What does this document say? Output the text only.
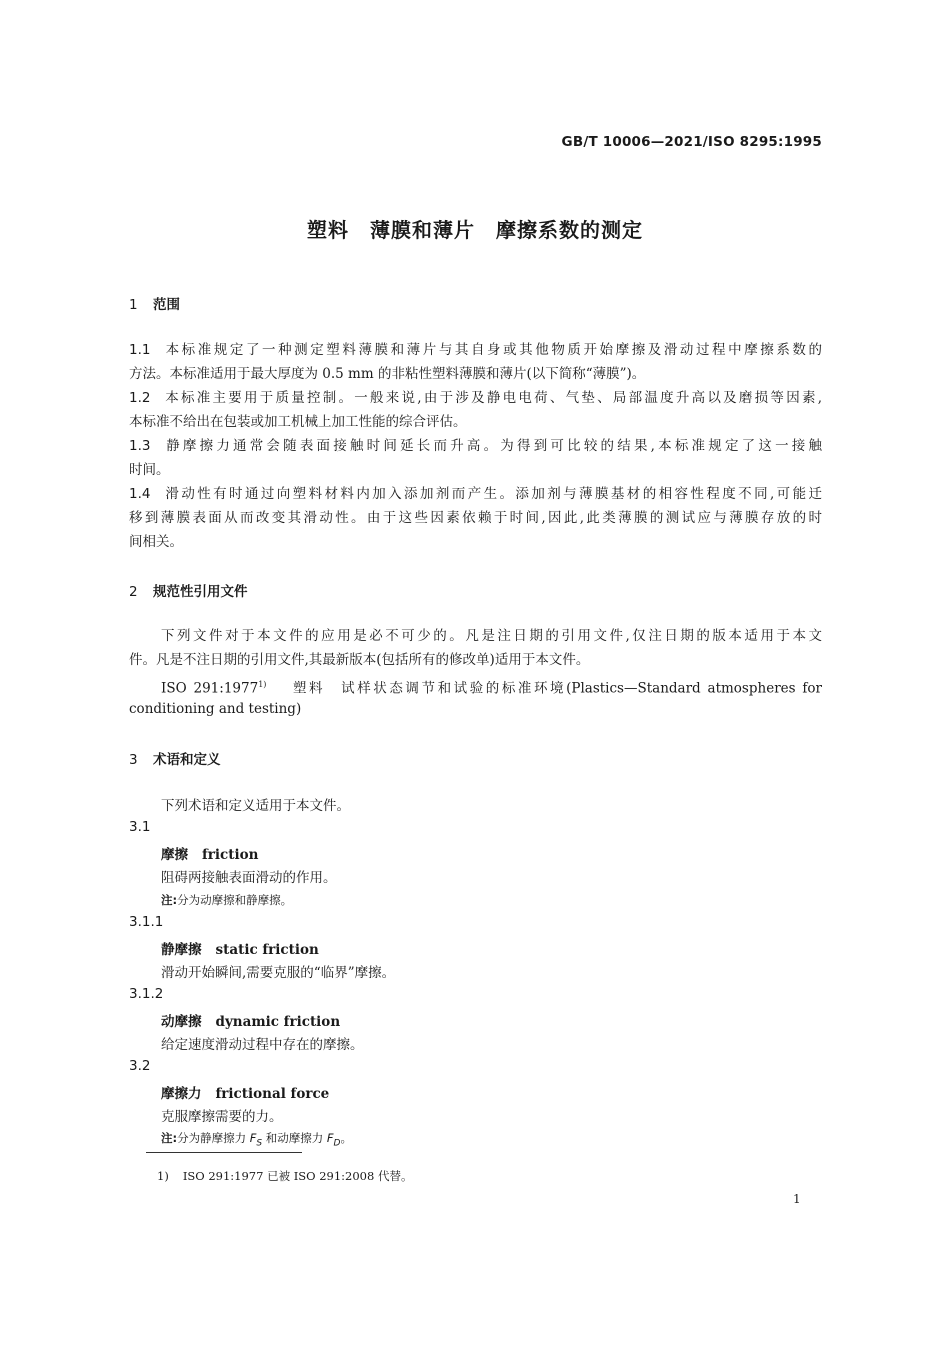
GB/T 10006—2021/ISO 8295:1995
塑料　薄膜和薄片　摩擦系数的测定
1 范围
1.1 本标准规定了一种测定塑料薄膜和薄片与其自身或其他物质开始摩擦及滑动过程中摩擦系数的
方法。本标准适用于最大厚度为 0.5 mm 的非粘性塑料薄膜和薄片(以下简称“薄膜”)。
1.2 本标准主要用于质量控制。一般来说,由于涉及静电电荷、气垫、局部温度升高以及磨损等因素,
本标准不给出在包装或加工机械上加工性能的综合评估。
1.3 静摩擦力通常会随表面接触时间延长而升高。为得到可比较的结果,本标准规定了这一接触
时间。
1.4 滑动性有时通过向塑料材料内加入添加剂而产生。添加剂与薄膜基材的相容性程度不同,可能迁
移到薄膜表面从而改变其滑动性。由于这些因素依赖于时间,因此,此类薄膜的测试应与薄膜存放的时
间相关。
2 规范性引用文件
下列文件对于本文件的应用是必不可少的。凡是注日期的引用文件,仅注日期的版本适用于本文
件。凡是不注日期的引用文件,其最新版本(包括所有的修改单)适用于本文件。
ISO 291:1977$^{1)}$ 塑料　试样状态调节和试验的标准环境(Plastics—Standard atmospheres for
conditioning and testing)
3 术语和定义
下列术语和定义适用于本文件。
3.1
摩擦 friction
阻碍两接触表面滑动的作用。
注:分为动摩擦和静摩擦。
3.1.1
静摩擦 static friction
滑动开始瞬间,需要克服的“临界”摩擦。
3.1.2
动摩擦 dynamic friction
给定速度滑动过程中存在的摩擦。
3.2
摩擦力 frictional force
克服摩擦需要的力。
注:分为静摩擦力 $F_S$ 和动摩擦力 $F_D$。
1) ISO 291:1977 已被 ISO 291:2008 代替。
1
